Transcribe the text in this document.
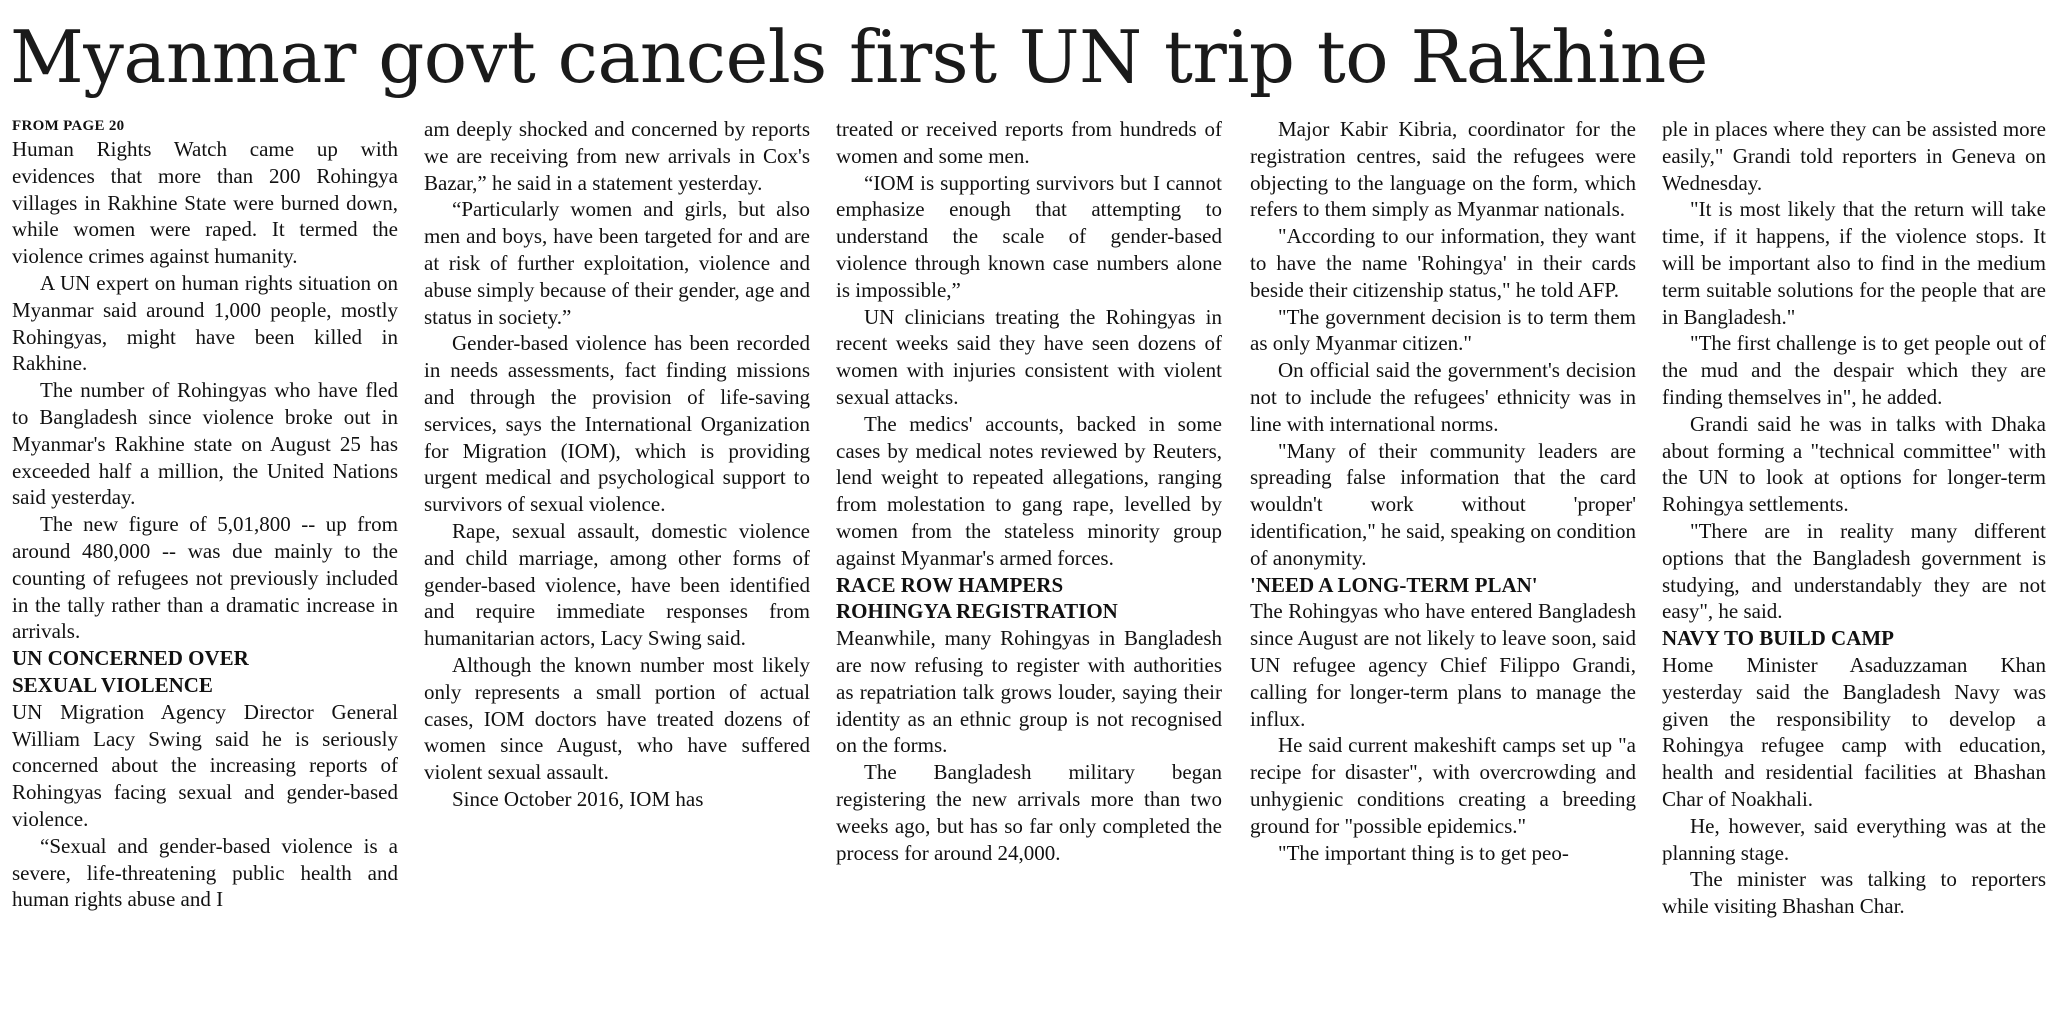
Myanmar govt cancels first UN trip to Rakhine
FROM PAGE 20

Human Rights Watch came up with evidences that more than 200 Rohingya villages in Rakhine State were burned down, while women were raped. It termed the violence crimes against humanity.

A UN expert on human rights situation on Myanmar said around 1,000 people, mostly Rohingyas, might have been killed in Rakhine.

The number of Rohingyas who have fled to Bangladesh since violence broke out in Myanmar's Rakhine state on August 25 has exceeded half a million, the United Nations said yesterday.

The new figure of 5,01,800 -- up from around 480,000 -- was due mainly to the counting of refugees not previously included in the tally rather than a dramatic increase in arrivals.

UN CONCERNED OVER
SEXUAL VIOLENCE

UN Migration Agency Director General William Lacy Swing said he is seriously concerned about the increasing reports of Rohingyas facing sexual and gender-based violence.

“Sexual and gender-based violence is a severe, life-threatening public health and human rights abuse and I

am deeply shocked and concerned by reports we are receiving from new arrivals in Cox's Bazar,” he said in a statement yesterday.

“Particularly women and girls, but also men and boys, have been targeted for and are at risk of further exploitation, violence and abuse simply because of their gender, age and status in society.”

Gender-based violence has been recorded in needs assessments, fact finding missions and through the provision of life-saving services, says the International Organization for Migration (IOM), which is providing urgent medical and psychological support to survivors of sexual violence.

Rape, sexual assault, domestic violence and child marriage, among other forms of gender-based violence, have been identified and require immediate responses from humanitarian actors, Lacy Swing said.

Although the known number most likely only represents a small portion of actual cases, IOM doctors have treated dozens of women since August, who have suffered violent sexual assault.

Since October 2016, IOM has

treated or received reports from hundreds of women and some men.

“IOM is supporting survivors but I cannot emphasize enough that attempting to understand the scale of gender-based violence through known case numbers alone is impossible,”

UN clinicians treating the Rohingyas in recent weeks said they have seen dozens of women with injuries consistent with violent sexual attacks.

The medics' accounts, backed in some cases by medical notes reviewed by Reuters, lend weight to repeated allegations, ranging from molestation to gang rape, levelled by women from the stateless minority group against Myanmar's armed forces.

RACE ROW HAMPERS
ROHINGYA REGISTRATION

Meanwhile, many Rohingyas in Bangladesh are now refusing to register with authorities as repatriation talk grows louder, saying their identity as an ethnic group is not recognised on the forms.

The Bangladesh military began registering the new arrivals more than two weeks ago, but has so far only completed the process for around 24,000.

Major Kabir Kibria, coordinator for the registration centres, said the refugees were objecting to the language on the form, which refers to them simply as Myanmar nationals.

"According to our information, they want to have the name 'Rohingya' in their cards beside their citizenship status," he told AFP.

"The government decision is to term them as only Myanmar citizen."

On official said the government's decision not to include the refugees' ethnicity was in line with international norms.

"Many of their community leaders are spreading false information that the card wouldn't work without 'proper' identification," he said, speaking on condition of anonymity.

'NEED A LONG-TERM PLAN'

The Rohingyas who have entered Bangladesh since August are not likely to leave soon, said UN refugee agency Chief Filippo Grandi, calling for longer-term plans to manage the influx.

He said current makeshift camps set up "a recipe for disaster", with overcrowding and unhygienic conditions creating a breeding ground for "possible epidemics."

"The important thing is to get peo-

ple in places where they can be assisted more easily," Grandi told reporters in Geneva on Wednesday.

"It is most likely that the return will take time, if it happens, if the violence stops. It will be important also to find in the medium term suitable solutions for the people that are in Bangladesh."

"The first challenge is to get people out of the mud and the despair which they are finding themselves in", he added.

Grandi said he was in talks with Dhaka about forming a "technical committee" with the UN to look at options for longer-term Rohingya settlements.

"There are in reality many different options that the Bangladesh government is studying, and understandably they are not easy", he said.

NAVY TO BUILD CAMP

Home Minister Asaduzzaman Khan yesterday said the Bangladesh Navy was given the responsibility to develop a Rohingya refugee camp with education, health and residential facilities at Bhashan Char of Noakhali.

He, however, said everything was at the planning stage.

The minister was talking to reporters while visiting Bhashan Char.
